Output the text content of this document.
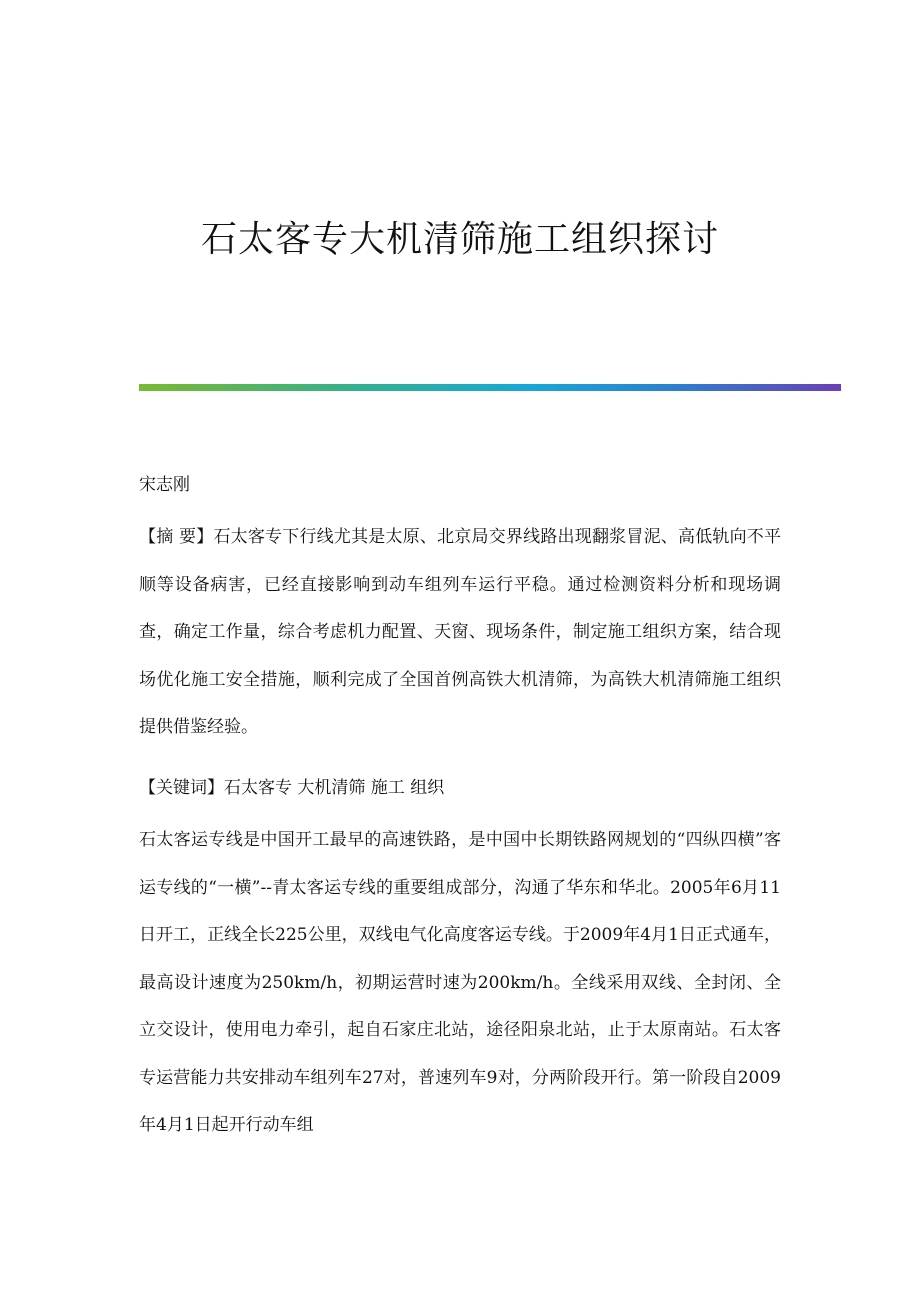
石太客专大机清筛施工组织探讨

宋志刚

【摘 要】石太客专下行线尤其是太原、北京局交界线路出现翻浆冒泥、高低轨向不平顺等设备病害，已经直接影响到动车组列车运行平稳。通过检测资料分析和现场调查，确定工作量，综合考虑机力配置、天窗、现场条件，制定施工组织方案，结合现场优化施工安全措施，顺利完成了全国首例高铁大机清筛，为高铁大机清筛施工组织提供借鉴经验。

【关键词】石太客专 大机清筛 施工 组织

石太客运专线是中国开工最早的高速铁路，是中国中长期铁路网规划的“四纵四横”客运专线的“一横”--青太客运专线的重要组成部分，沟通了华东和华北。2005年6月11日开工，正线全长225公里，双线电气化高度客运专线。于2009年4月1日正式通车，最高设计速度为250km/h，初期运营时速为200km/h。全线采用双线、全封闭、全立交设计，使用电力牵引，起自石家庄北站，途径阳泉北站，止于太原南站。石太客专运营能力共安排动车组列车27对，普速列车9对，分两阶段开行。第一阶段自2009年4月1日起开行动车组
